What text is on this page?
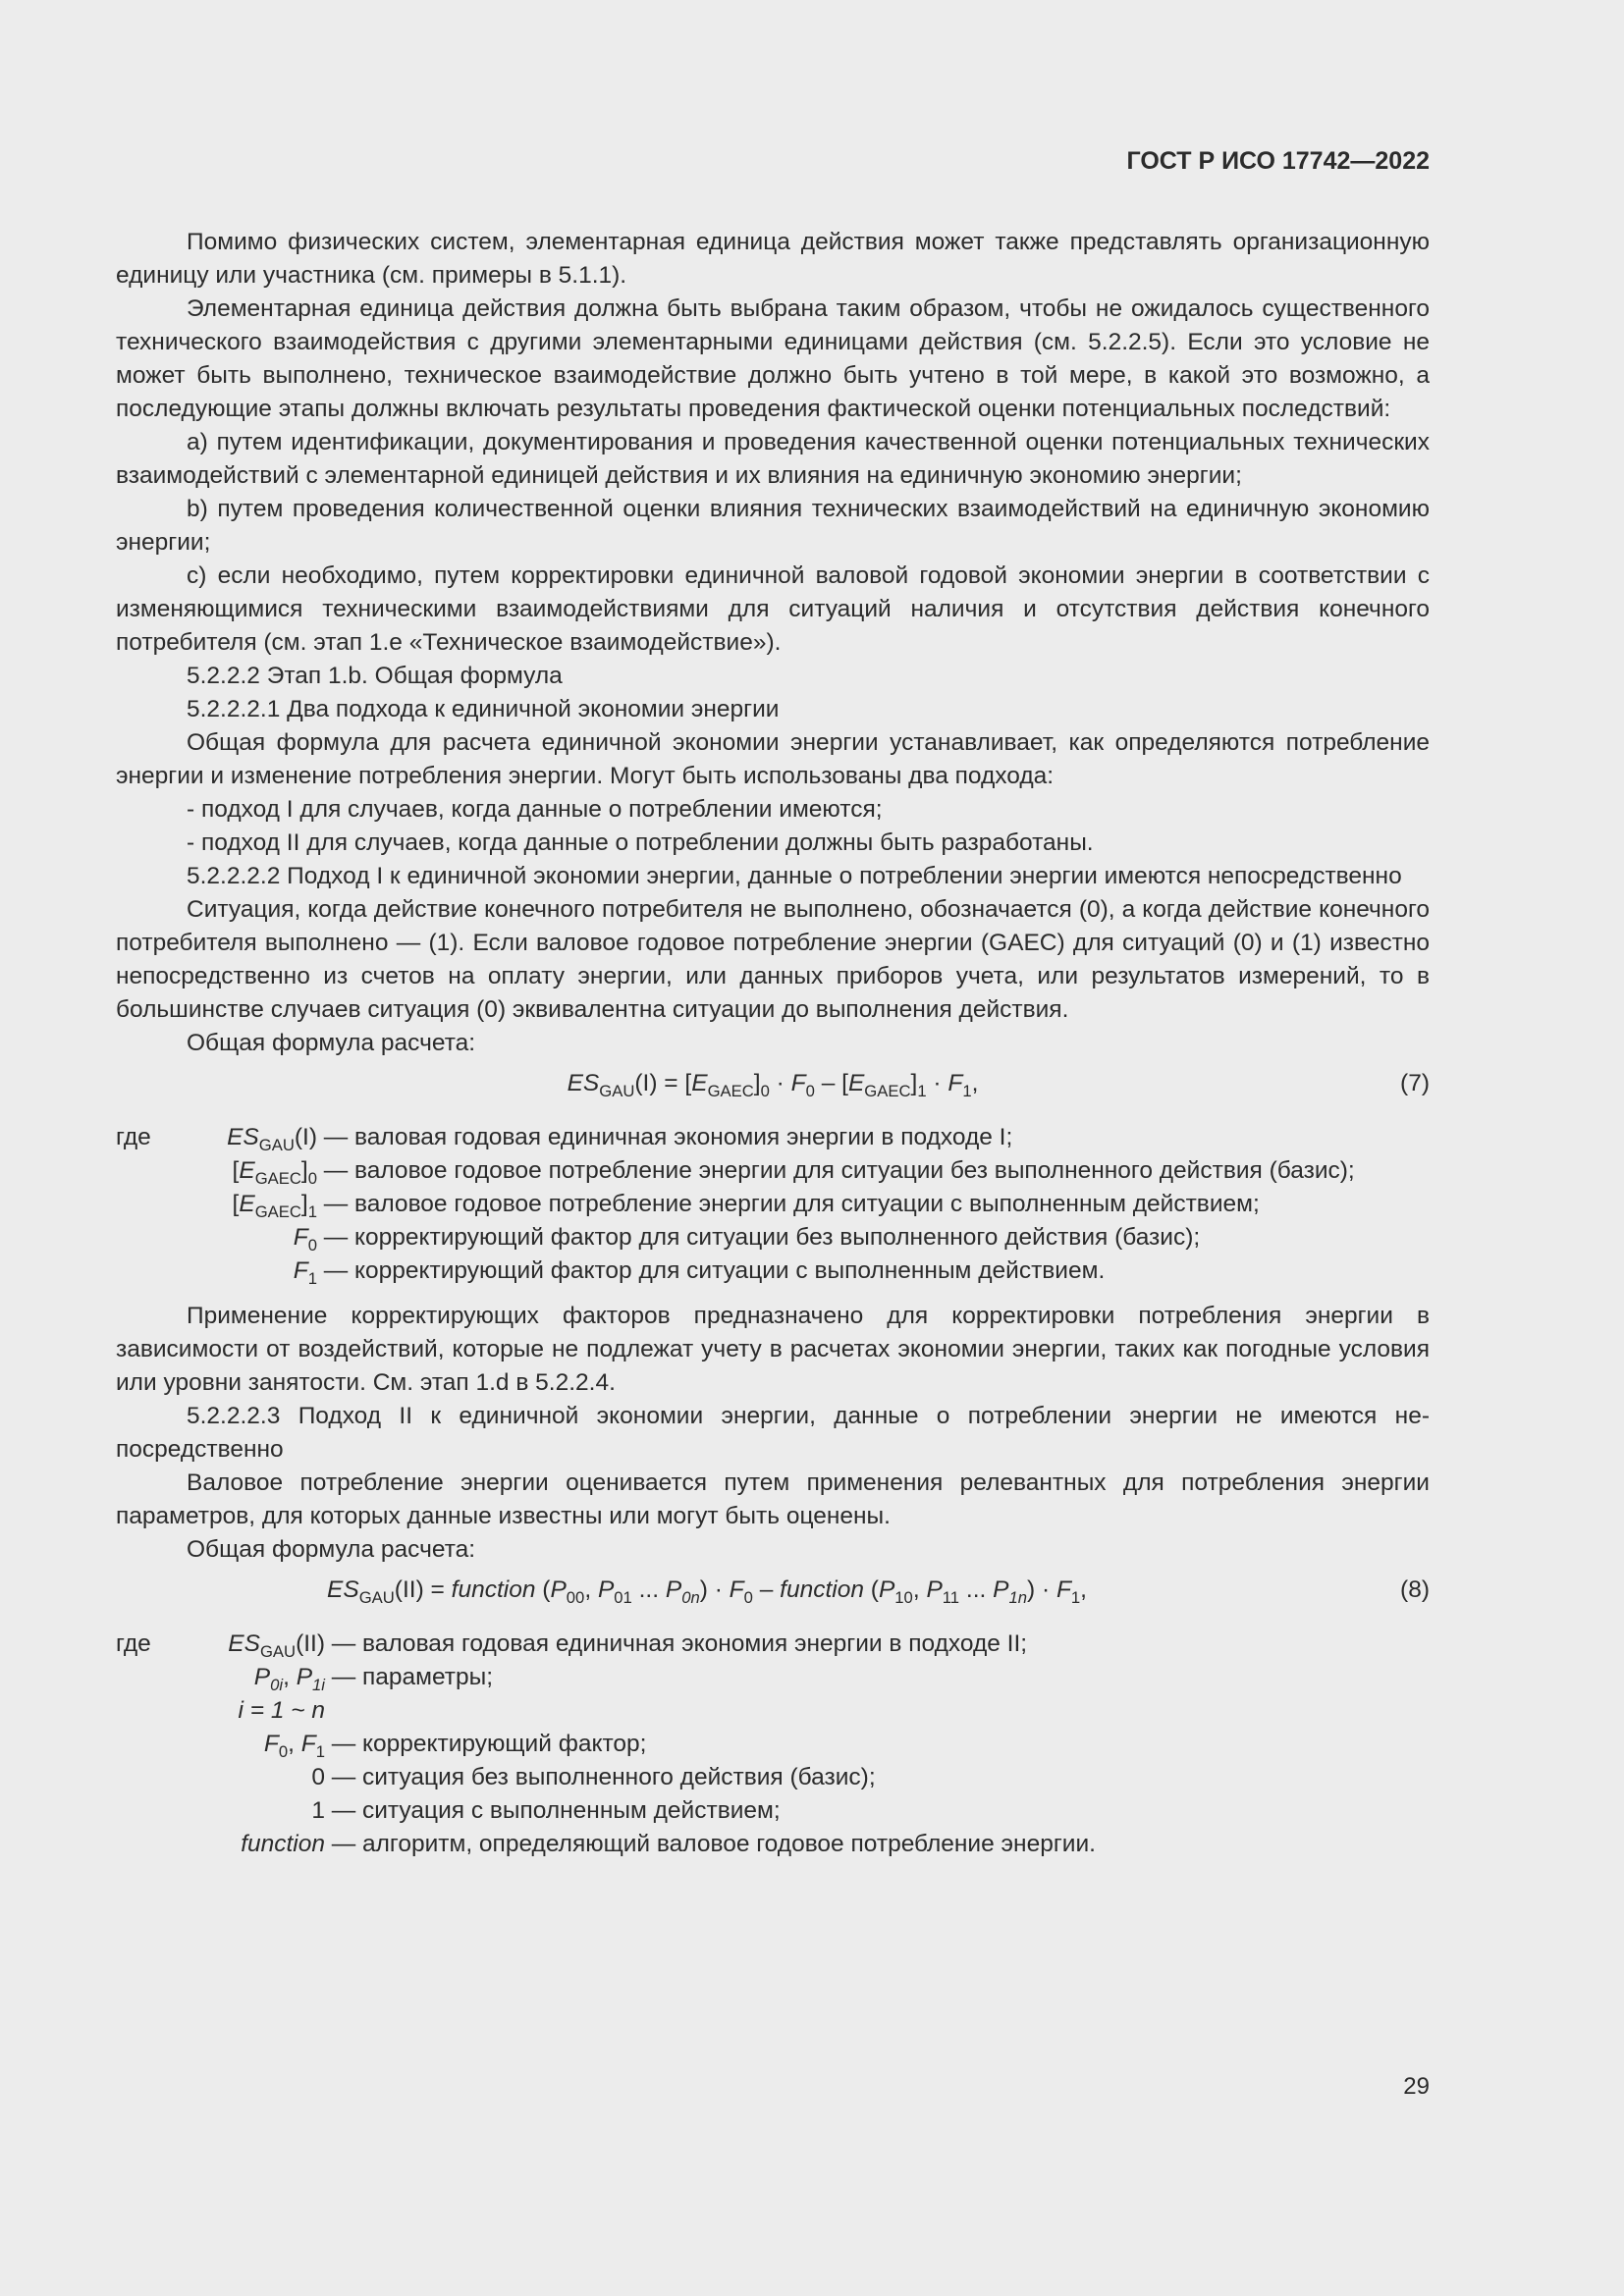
ГОСТ Р ИСО 17742—2022

Помимо физических систем, элементарная единица действия может также представлять организационную единицу или участника (см. примеры в 5.1.1).

Элементарная единица действия должна быть выбрана таким образом, чтобы не ожидалось существенного технического взаимодействия с другими элементарными единицами действия (см. 5.2.2.5). Если это условие не может быть выполнено, техническое взаимодействие должно быть учтено в той мере, в какой это возможно, а последующие этапы должны включать результаты проведения фактической оценки потенциальных последствий:

a) путем идентификации, документирования и проведения качественной оценки потенциальных технических взаимодействий с элементарной единицей действия и их влияния на единичную экономию энергии;

b) путем проведения количественной оценки влияния технических взаимодействий на единичную экономию энергии;

c) если необходимо, путем корректировки единичной валовой годовой экономии энергии в соответствии с изменяющимися техническими взаимодействиями для ситуаций наличия и отсутствия действия конечного потребителя (см. этап 1.e «Техническое взаимодействие»).

5.2.2.2 Этап 1.b. Общая формула

5.2.2.2.1 Два подхода к единичной экономии энергии

Общая формула для расчета единичной экономии энергии устанавливает, как определяются потребление энергии и изменение потребления энергии. Могут быть использованы два подхода:

- подход I для случаев, когда данные о потреблении имеются;

- подход II для случаев, когда данные о потреблении должны быть разработаны.

5.2.2.2.2 Подход I к единичной экономии энергии, данные о потреблении энергии имеются непосредственно

Ситуация, когда действие конечного потребителя не выполнено, обозначается (0), а когда действие конечного потребителя выполнено — (1). Если валовое годовое потребление энергии (GAEC) для ситуаций (0) и (1) известно непосредственно из счетов на оплату энергии, или данных приборов учета, или результатов измерений, то в большинстве случаев ситуация (0) эквивалентна ситуации до выполнения действия.

Общая формула расчета:

$ES_{GAU}(I) = [E_{GAEC}]_0 \cdot F_0 - [E_{GAEC}]_1 \cdot F_1$,	(7)
где	$ES_{GAU}(I)$	—	валовая годовая единичная экономия энергии в подходе I;
	$[E_{GAEC}]_0$	—	валовое годовое потребление энергии для ситуации без выполненного действия (базис);
	$[E_{GAEC}]_1$	—	валовое годовое потребление энергии для ситуации с выполненным действием;
	$F_0$	—	корректирующий фактор для ситуации без выполненного действия (базис);
	$F_1$	—	корректирующий фактор для ситуации с выполненным действием.

Применение корректирующих факторов предназначено для корректировки потребления энергии в зависимости от воздействий, которые не подлежат учету в расчетах экономии энергии, таких как погодные условия или уровни занятости. См. этап 1.d в 5.2.2.4.

5.2.2.2.3 Подход II к единичной экономии энергии, данные о потреблении энергии не имеются непосредственно

Валовое потребление энергии оценивается путем применения релевантных для потребления энергии параметров, для которых данные известны или могут быть оценены.

Общая формула расчета:

$ES_{GAU}(II)$ = function ($P_{00}$, $P_{01}$ ... $P_{0n}) \cdot F_0$ – function ($P_{10}$, $P_{11}$ ... $P_{1n}) \cdot F_1$,	(8)
где	$ES_{GAU}(II)$	—	валовая годовая единичная экономия энергии в подходе II;
	$P_{0i}$, $P_{1i}$	—	параметры;
	i = 1 ~ n		
	$F_0$, $F_1$	—	корректирующий фактор;
	0	—	ситуация без выполненного действия (базис);
	1	—	ситуация с выполненным действием;
	function	—	алгоритм, определяющий валовое годовое потребление энергии.
29
